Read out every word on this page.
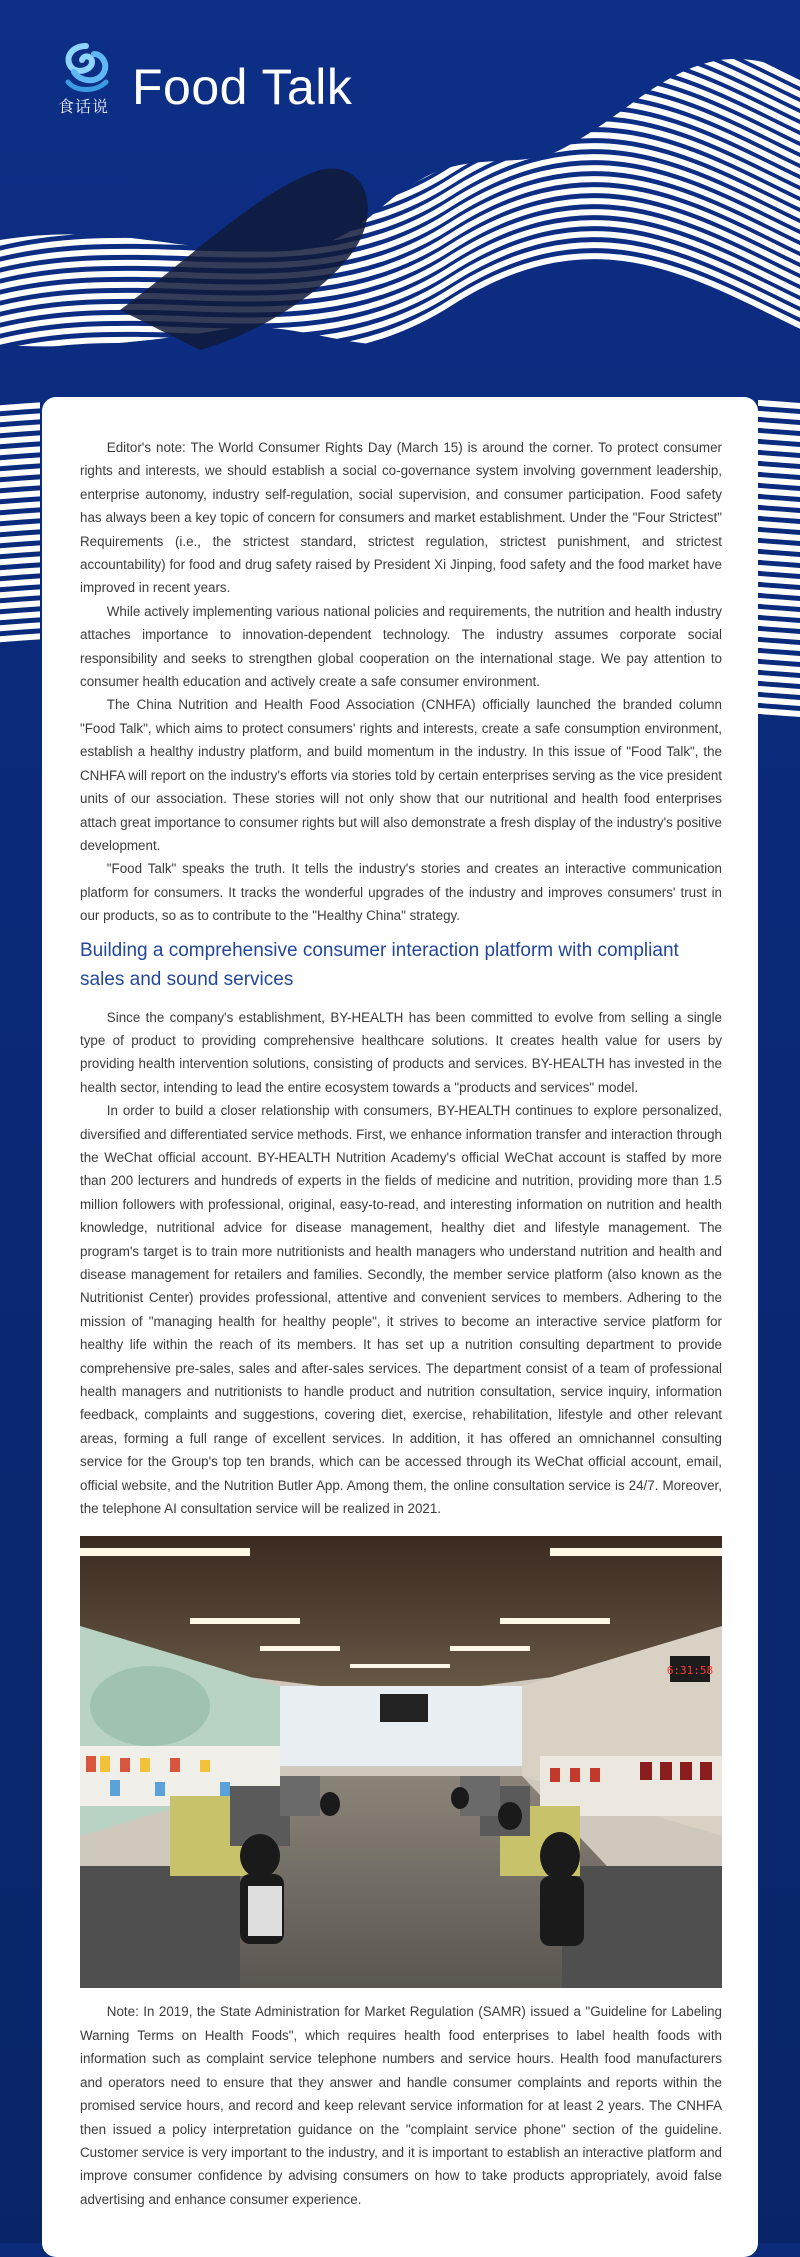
食话说 Food Talk

Editor's note: The World Consumer Rights Day (March 15) is around the corner. To protect consumer rights and interests, we should establish a social co-governance system involving government leadership, enterprise autonomy, industry self-regulation, social supervision, and consumer participation. Food safety has always been a key topic of concern for consumers and market establishment. Under the "Four Strictest" Requirements (i.e., the strictest standard, strictest regulation, strictest punishment, and strictest accountability) for food and drug safety raised by President Xi Jinping, food safety and the food market have improved in recent years.

While actively implementing various national policies and requirements, the nutrition and health industry attaches importance to innovation-dependent technology. The industry assumes corporate social responsibility and seeks to strengthen global cooperation on the international stage. We pay attention to consumer health education and actively create a safe consumer environment.

The China Nutrition and Health Food Association (CNHFA) officially launched the branded column "Food Talk", which aims to protect consumers' rights and interests, create a safe consumption environment, establish a healthy industry platform, and build momentum in the industry. In this issue of "Food Talk", the CNHFA will report on the industry's efforts via stories told by certain enterprises serving as the vice president units of our association. These stories will not only show that our nutritional and health food enterprises attach great importance to consumer rights but will also demonstrate a fresh display of the industry's positive development.

"Food Talk" speaks the truth. It tells the industry's stories and creates an interactive communication platform for consumers. It tracks the wonderful upgrades of the industry and improves consumers' trust in our products, so as to contribute to the "Healthy China" strategy.

Building a comprehensive consumer interaction platform with compliant sales and sound services

Since the company's establishment, BY-HEALTH has been committed to evolve from selling a single type of product to providing comprehensive healthcare solutions. It creates health value for users by providing health intervention solutions, consisting of products and services. BY-HEALTH has invested in the health sector, intending to lead the entire ecosystem towards a "products and services" model.

In order to build a closer relationship with consumers, BY-HEALTH continues to explore personalized, diversified and differentiated service methods. First, we enhance information transfer and interaction through the WeChat official account. BY-HEALTH Nutrition Academy's official WeChat account is staffed by more than 200 lecturers and hundreds of experts in the fields of medicine and nutrition, providing more than 1.5 million followers with professional, original, easy-to-read, and interesting information on nutrition and health knowledge, nutritional advice for disease management, healthy diet and lifestyle management. The program's target is to train more nutritionists and health managers who understand nutrition and health and disease management for retailers and families. Secondly, the member service platform (also known as the Nutritionist Center) provides professional, attentive and convenient services to members. Adhering to the mission of "managing health for healthy people", it strives to become an interactive service platform for healthy life within the reach of its members. It has set up a nutrition consulting department to provide comprehensive pre-sales, sales and after-sales services. The department consist of a team of professional health managers and nutritionists to handle product and nutrition consultation, service inquiry, information feedback, complaints and suggestions, covering diet, exercise, rehabilitation, lifestyle and other relevant areas, forming a full range of excellent services. In addition, it has offered an omnichannel consulting service for the Group's top ten brands, which can be accessed through its WeChat official account, email, official website, and the Nutrition Butler App. Among them, the online consultation service is 24/7. Moreover, the telephone AI consultation service will be realized in 2021.

6:31:58

Note: In 2019, the State Administration for Market Regulation (SAMR) issued a "Guideline for Labeling Warning Terms on Health Foods", which requires health food enterprises to label health foods with information such as complaint service telephone numbers and service hours. Health food manufacturers and operators need to ensure that they answer and handle consumer complaints and reports within the promised service hours, and record and keep relevant service information for at least 2 years. The CNHFA then issued a policy interpretation guidance on the "complaint service phone" section of the guideline. Customer service is very important to the industry, and it is important to establish an interactive platform and improve consumer confidence by advising consumers on how to take products appropriately, avoid false advertising and enhance consumer experience.
